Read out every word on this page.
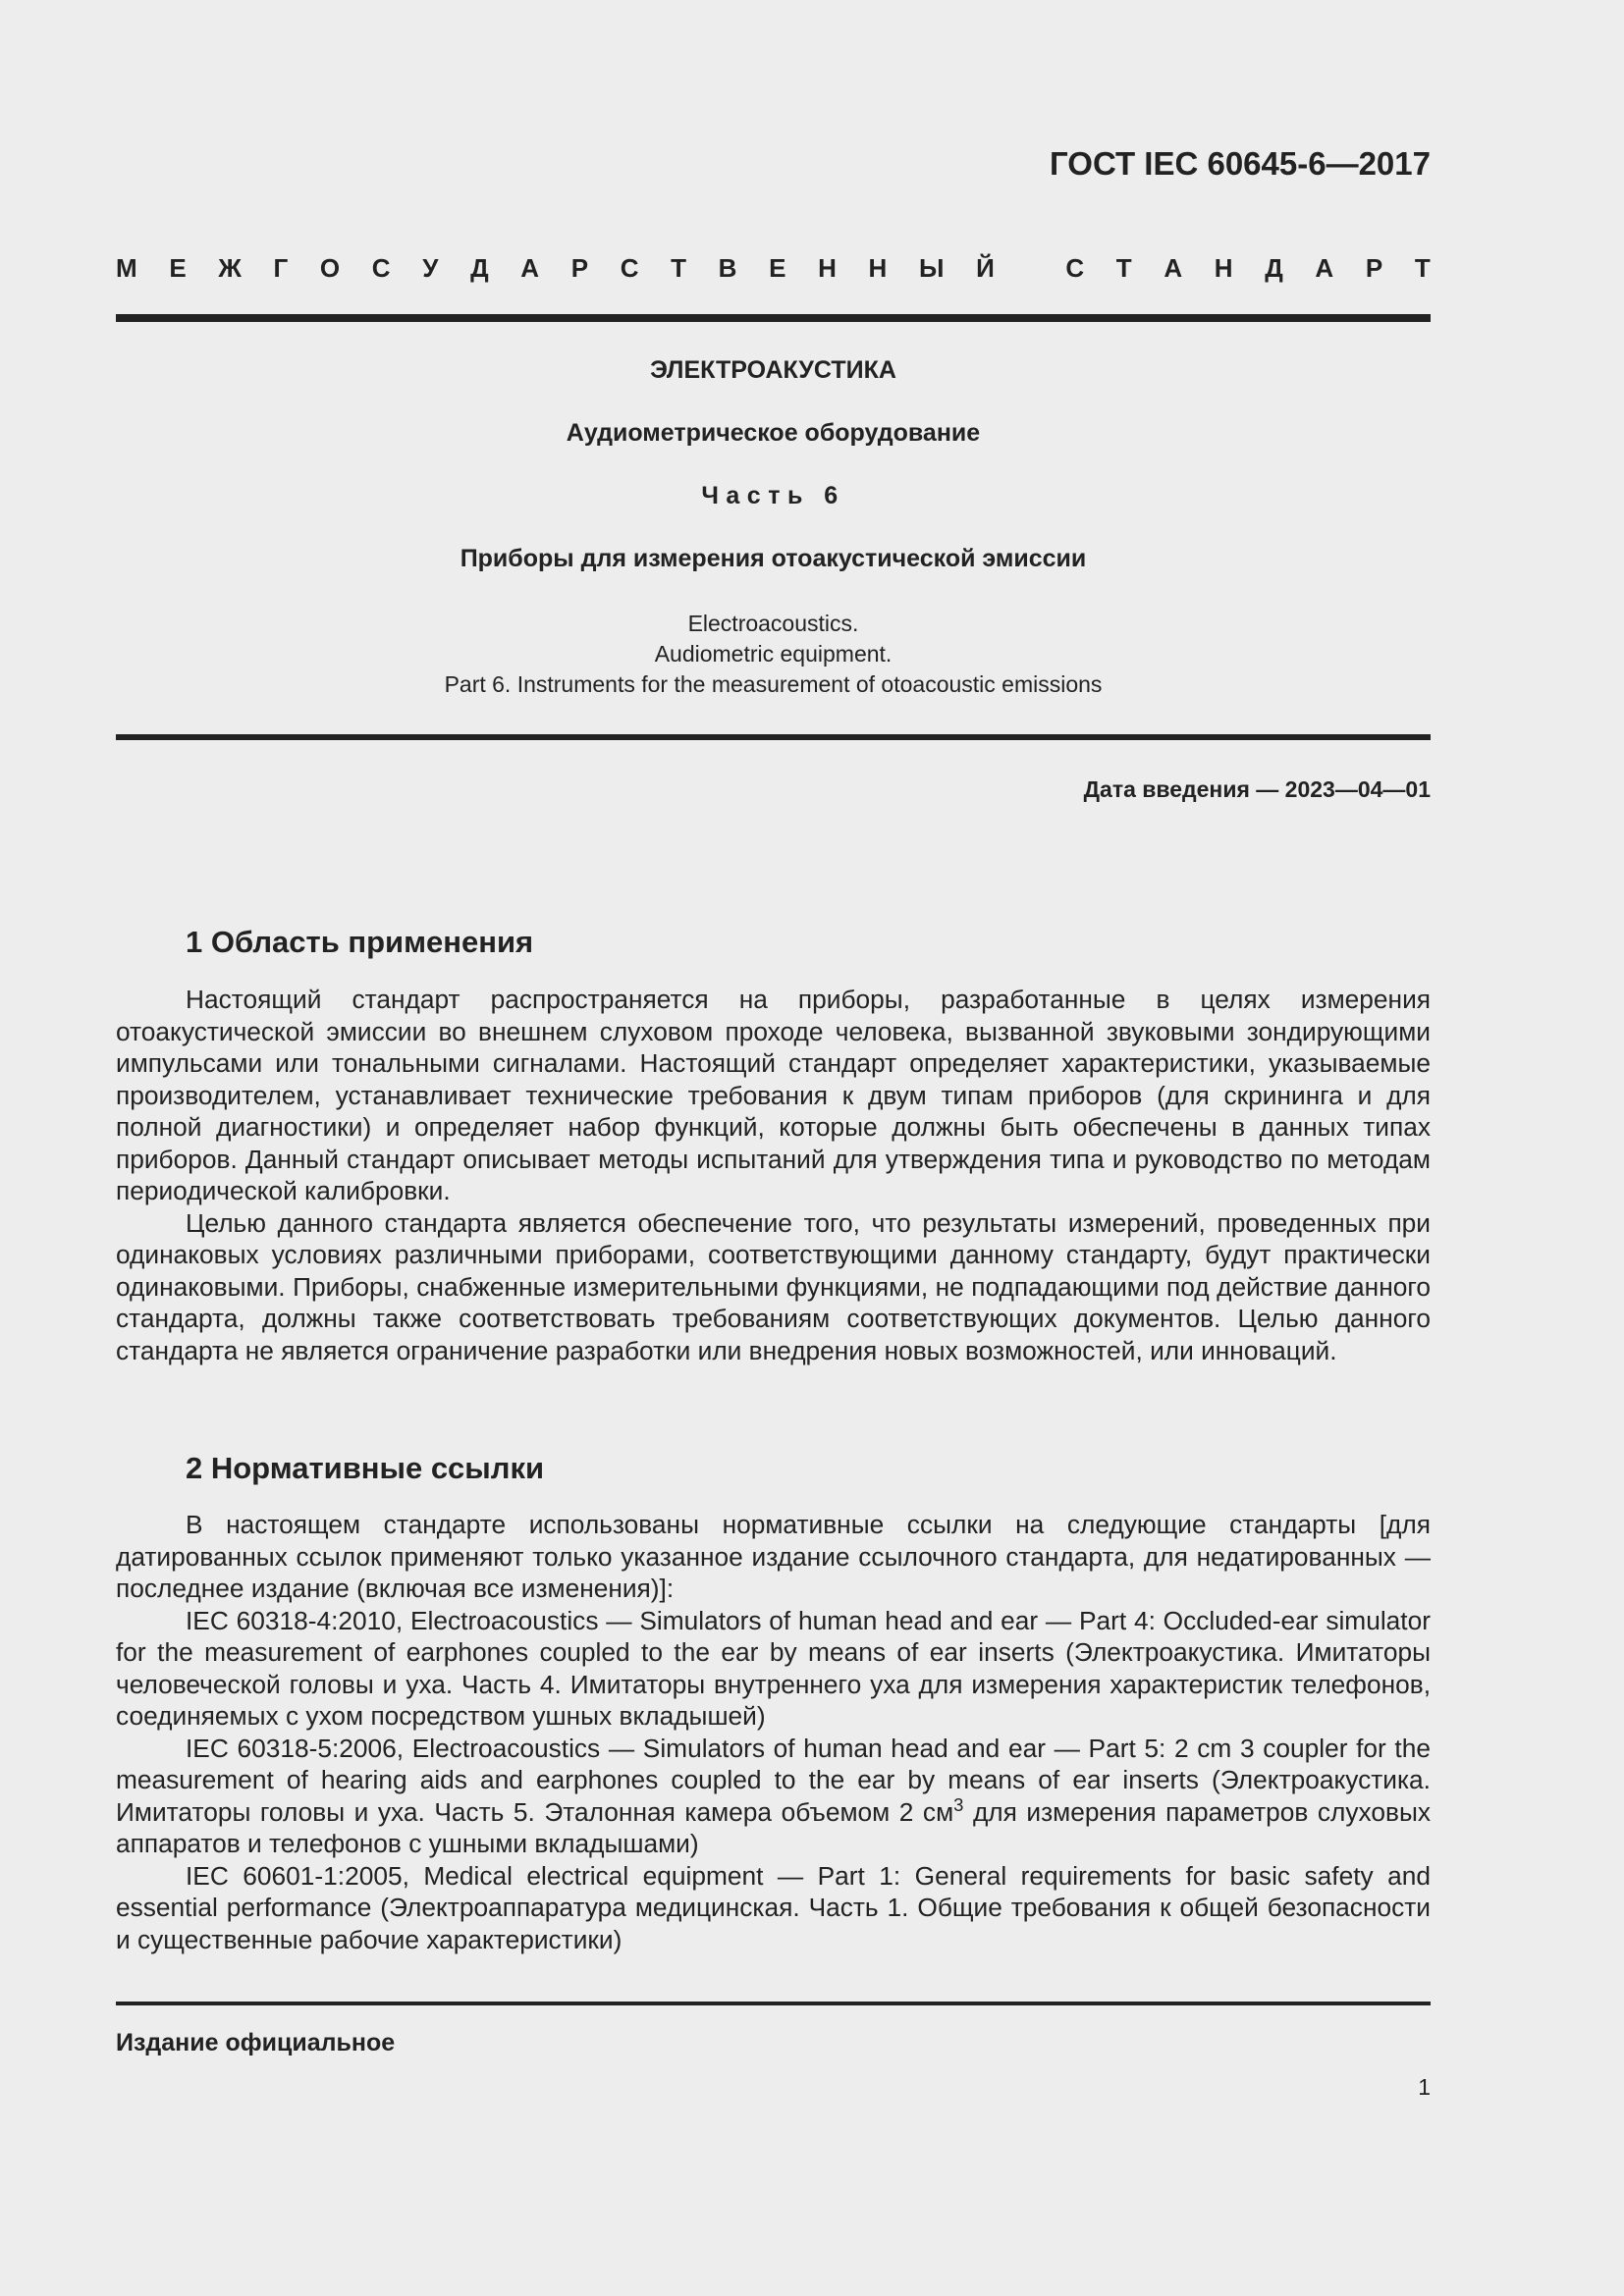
ГОСТ IEC 60645-6—2017
М Е Ж Г О С У Д А Р С Т В Е Н Н Ы Й
	С Т А Н Д А Р Т
ЭЛЕКТРОАКУСТИКА
Аудиометрическое оборудование
Часть 6
Приборы для измерения отоакустической эмиссии
Electroacoustics.
Audiometric equipment.
Part 6. Instruments for the measurement of otoacoustic emissions
Дата введения — 2023—04—01
1 Область применения

Настоящий стандарт распространяется на приборы, разработанные в целях измерения отоакустической эмиссии во внешнем слуховом проходе человека, вызванной звуковыми зондирующими импульсами или тональными сигналами. Настоящий стандарт определяет характеристики, указываемые производителем, устанавливает технические требования к двум типам приборов (для скрининга и для полной диагностики) и определяет набор функций, которые должны быть обеспечены в данных типах приборов. Данный стандарт описывает методы испытаний для утверждения типа и руководство по методам периодической калибровки.

Целью данного стандарта является обеспечение того, что результаты измерений, проведенных при одинаковых условиях различными приборами, соответствующими данному стандарту, будут практически одинаковыми. Приборы, снабженные измерительными функциями, не подпадающими под действие данного стандарта, должны также соответствовать требованиям соответствующих документов. Целью данного стандарта не является ограничение разработки или внедрения новых возможностей, или инноваций.

2 Нормативные ссылки

В настоящем стандарте использованы нормативные ссылки на следующие стандарты [для датированных ссылок применяют только указанное издание ссылочного стандарта, для недатированных — последнее издание (включая все изменения)]:

IEC 60318-4:2010, Electroacoustics — Simulators of human head and ear — Part 4: Occluded-ear simulator for the measurement of earphones coupled to the ear by means of ear inserts (Электроакустика. Имитаторы человеческой головы и уха. Часть 4. Имитаторы внутреннего уха для измерения характеристик телефонов, соединяемых с ухом посредством ушных вкладышей)

IEC 60318-5:2006, Electroacoustics — Simulators of human head and ear — Part 5: 2 cm 3 coupler for the measurement of hearing aids and earphones coupled to the ear by means of ear inserts (Электроакустика. Имитаторы головы и уха. Часть 5. Эталонная камера объемом 2 $см^3$ для измерения параметров слуховых аппаратов и телефонов с ушными вкладышами)

IEC 60601-1:2005, Medical electrical equipment — Part 1: General requirements for basic safety and essential performance (Электроаппаратура медицинская. Часть 1. Общие требования к общей безопасности и существенные рабочие характеристики)

Издание официальное
1
